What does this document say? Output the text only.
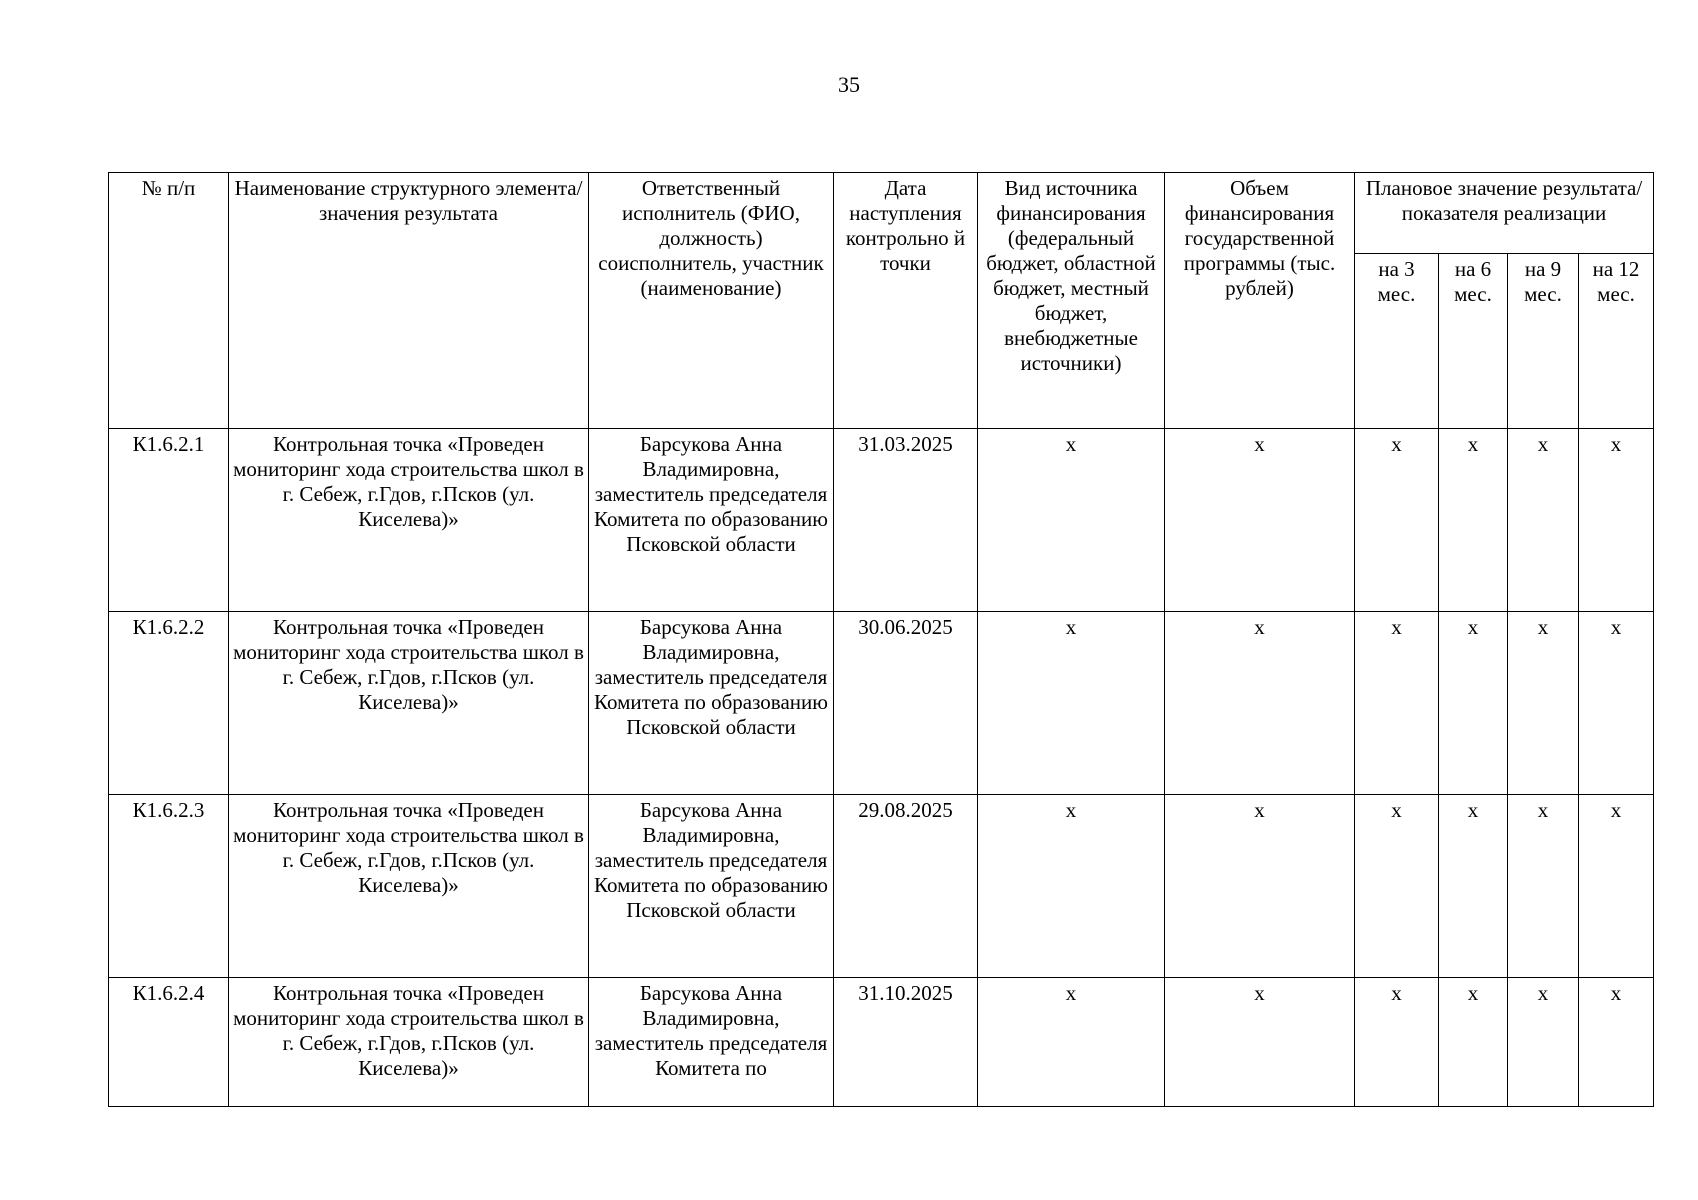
35
№ п/п	Наименование структурного элемента/ значения результата	Ответственный исполнитель (ФИО, должность) соисполнитель, участник (наименование)	Дата наступления контрольно й точки	Вид источника финансирования (федеральный бюджет, областной бюджет, местный бюджет, внебюджетные источники)	Объем финансирования государственной программы (тыс. рублей)	Плановое значение результата/показателя реализации			
						на 3 мес.	на 6 мес.	на 9 мес.	на 12 мес.
К1.6.2.1	Контрольная точка «Проведен мониторинг хода строительства школ в г. Себеж, г.Гдов, г.Псков (ул. Киселева)»	Барсукова Анна Владимировна, заместитель председателя Комитета по образованию Псковской области	31.03.2025	х	х	х	х	х	х
К1.6.2.2	Контрольная точка «Проведен мониторинг хода строительства школ в г. Себеж, г.Гдов, г.Псков (ул. Киселева)»	Барсукова Анна Владимировна, заместитель председателя Комитета по образованию Псковской области	30.06.2025	х	х	х	х	х	х
К1.6.2.3	Контрольная точка «Проведен мониторинг хода строительства школ в г. Себеж, г.Гдов, г.Псков (ул. Киселева)»	Барсукова Анна Владимировна, заместитель председателя Комитета по образованию Псковской области	29.08.2025	х	х	х	х	х	х
К1.6.2.4	Контрольная точка «Проведен мониторинг хода строительства школ в г. Себеж, г.Гдов, г.Псков (ул. Киселева)»	Барсукова Анна Владимировна, заместитель председателя Комитета по	31.10.2025	х	х	х	х	х	х
